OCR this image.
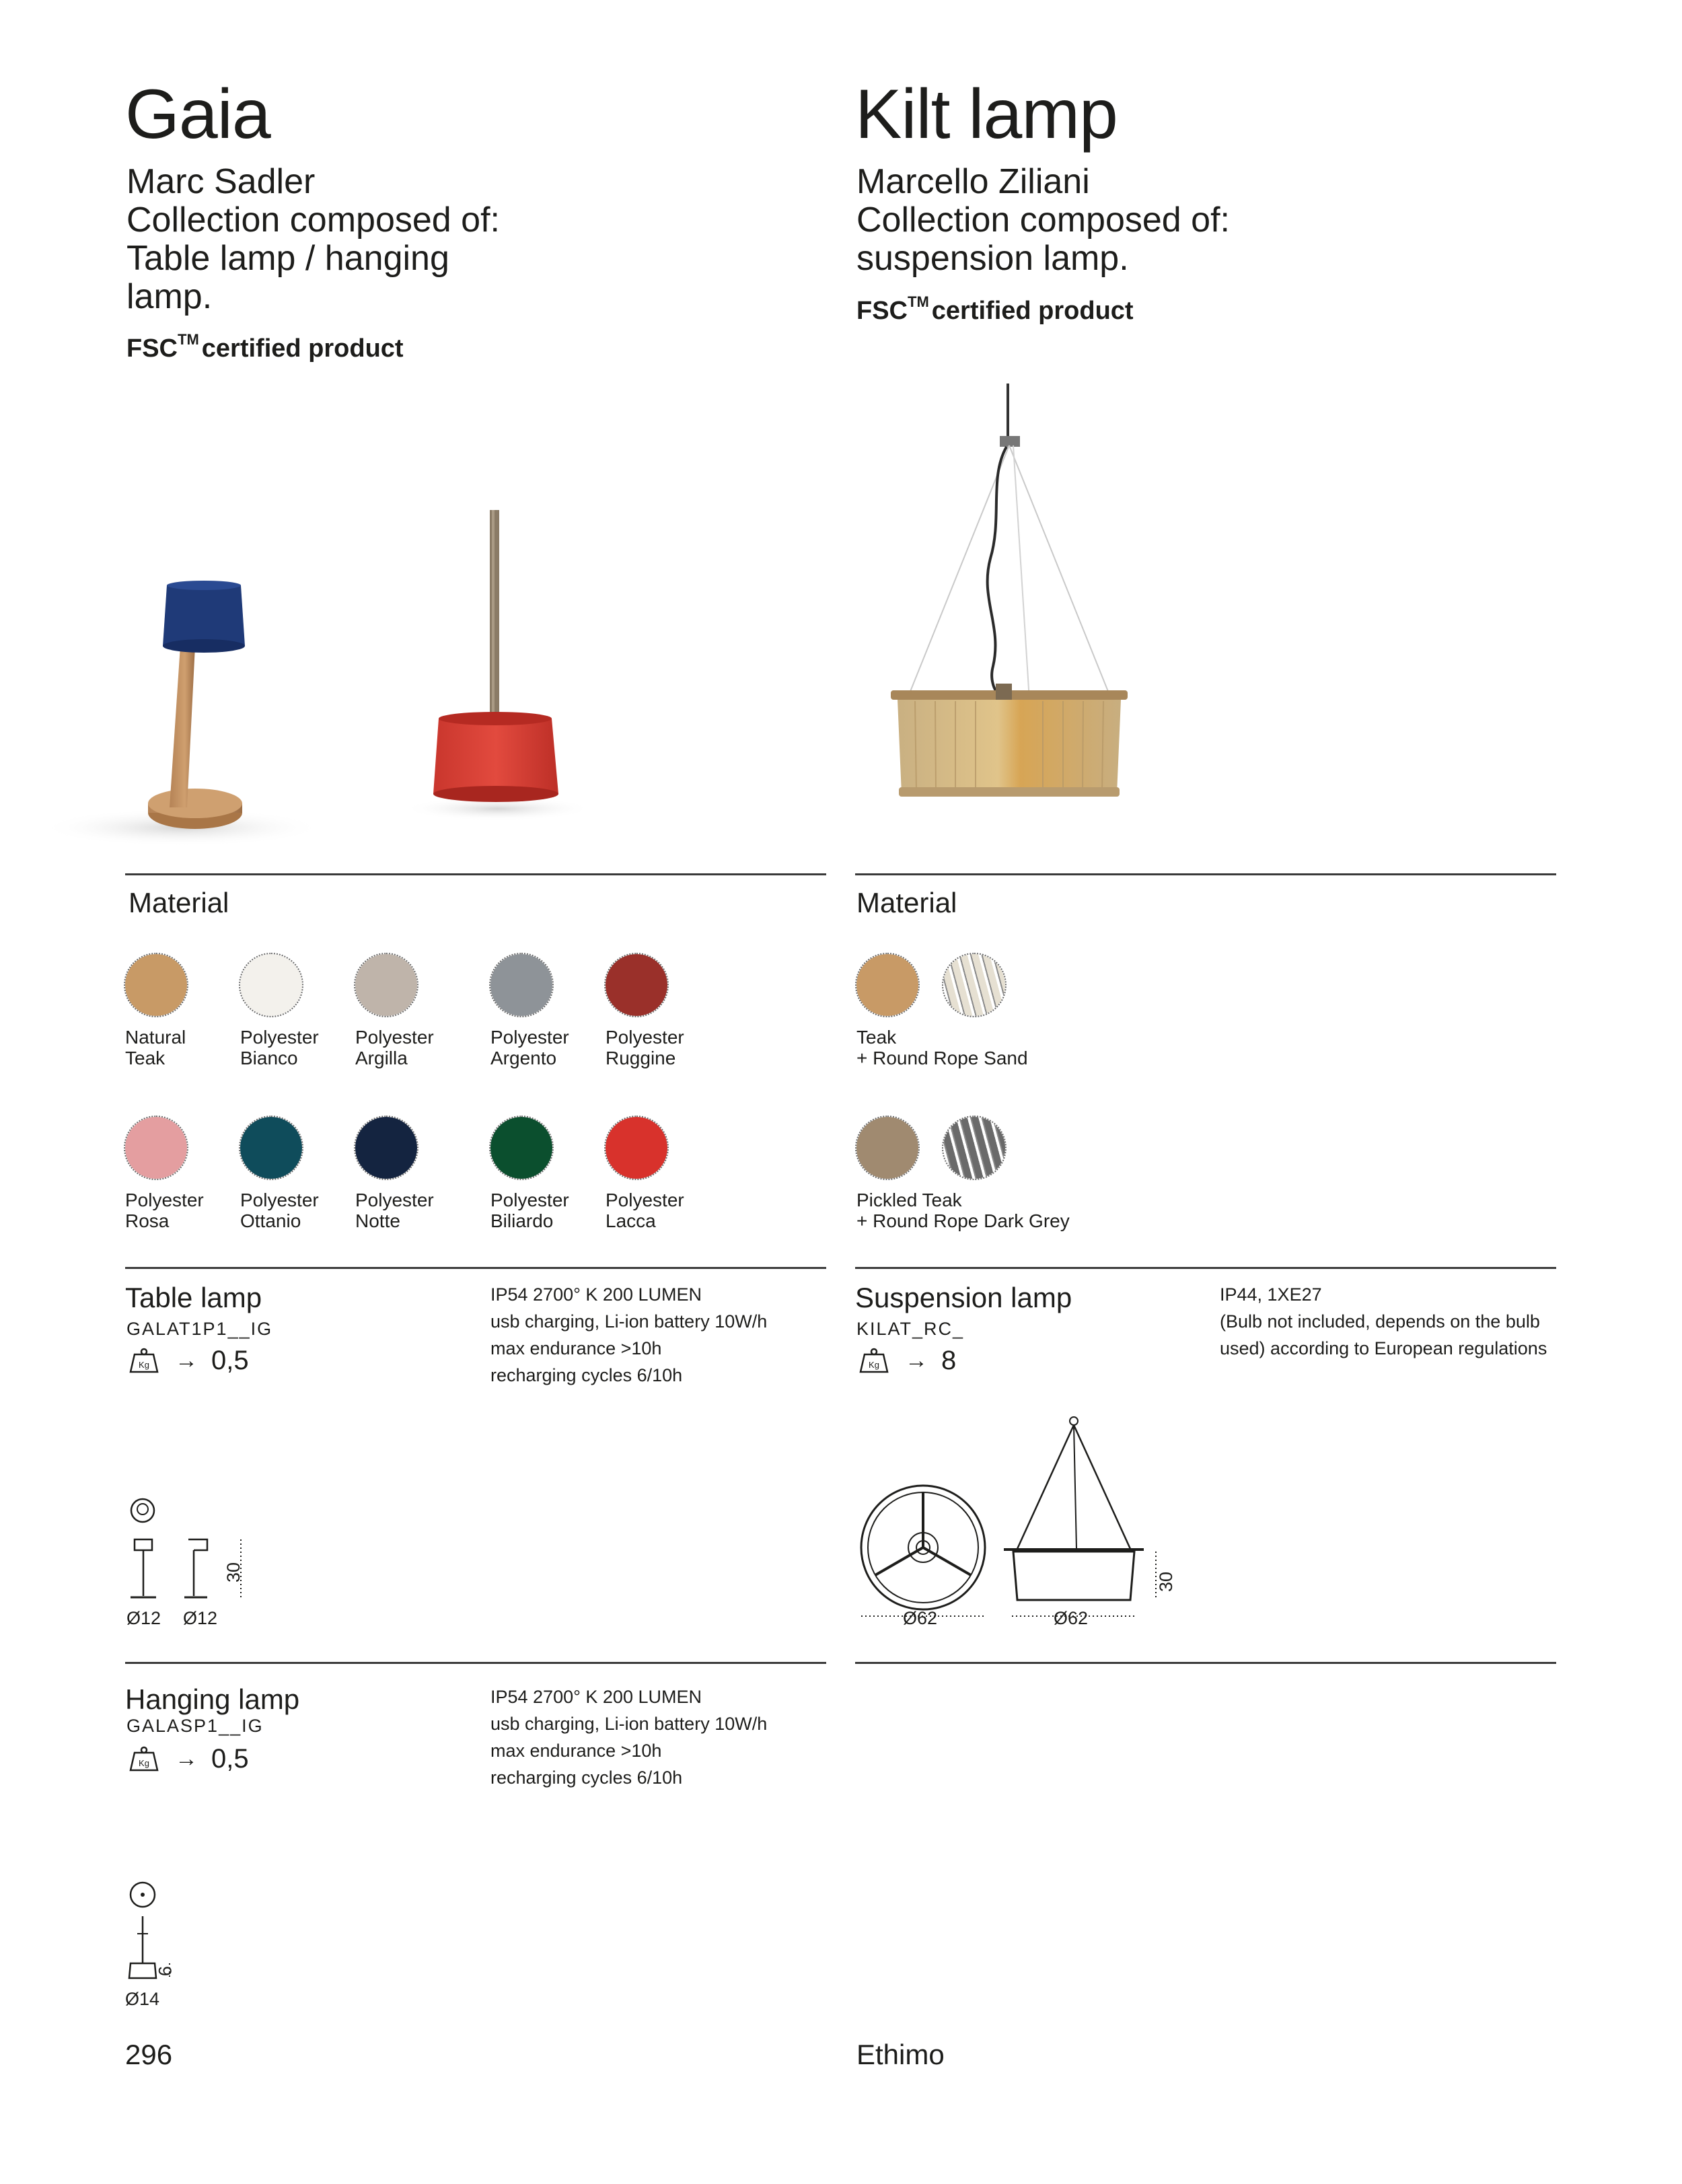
Gaia
Marc Sadler
Collection composed of:
Table lamp / hanging
lamp.
FSC™ certified product
Kilt lamp
Marcello Ziliani
Collection composed of:
suspension lamp.
FSC™ certified product
Material
Natural
Teak
Polyester
Bianco
Polyester
Argilla
Polyester
Argento
Polyester
Ruggine
Polyester
Rosa
Polyester
Ottanio
Polyester
Notte
Polyester
Biliardo
Polyester
Lacca
Material
Teak
+ Round Rope Sand
Pickled Teak
+ Round Rope Dark Grey
Table lamp
GALAT1P1__IG
Kg → 0,5
IP54 2700° K 200 LUMEN
usb charging, Li-ion battery 10W/h
max endurance >10h
recharging cycles 6/10h
30
Ø12 Ø12
Suspension lamp
KILAT_RC_
Kg → 8
IP44, 1XE27
(Bulb not included, depends on the bulb
used) according to European regulations
30
Ø62	Ø62
Hanging lamp
GALASP1__IG
Kg → 0,5
IP54 2700° K 200 LUMEN
usb charging, Li-ion battery 10W/h
max endurance >10h
recharging cycles 6/10h
9
Ø14
296	Ethimo
